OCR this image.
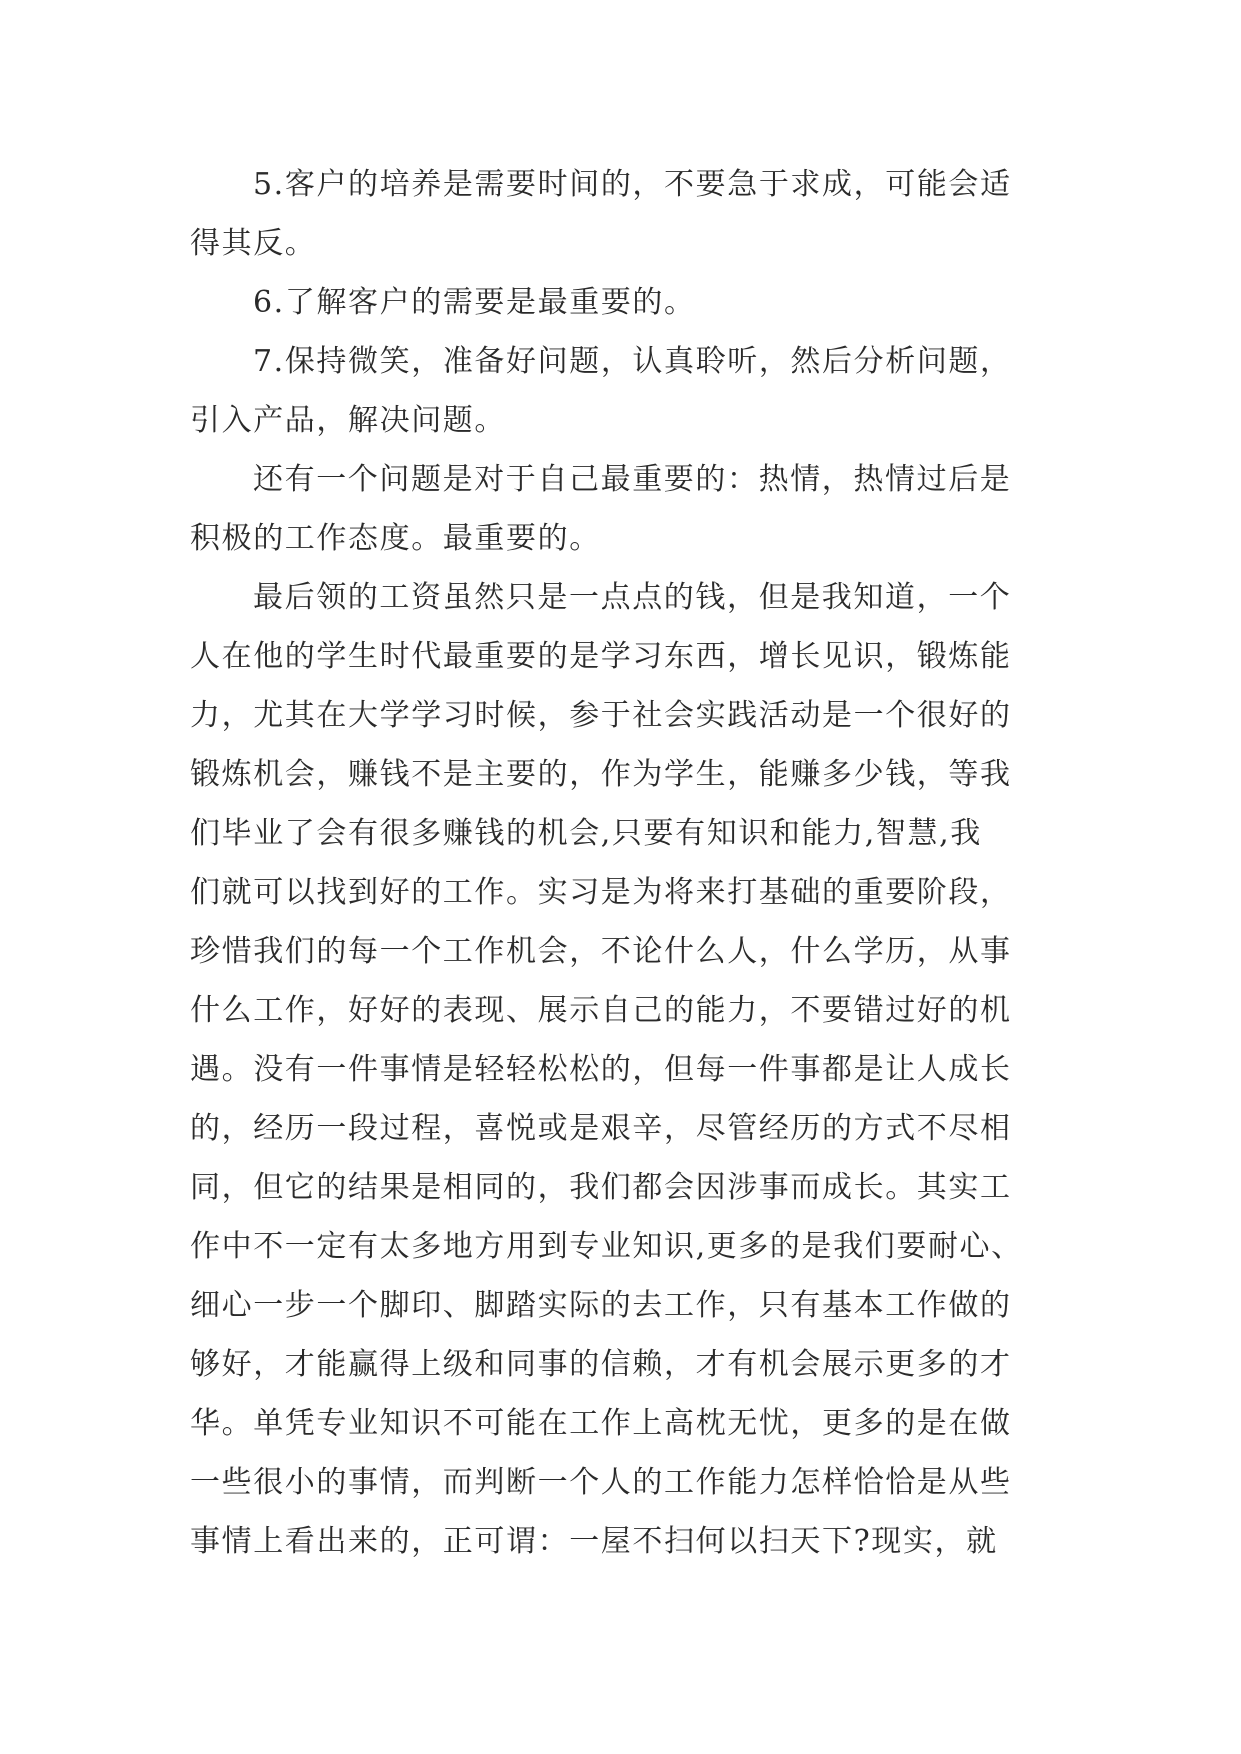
5.客户的培养是需要时间的，不要急于求成，可能会适
得其反。
6.了解客户的需要是最重要的。
7.保持微笑，准备好问题，认真聆听，然后分析问题，
引入产品，解决问题。
还有一个问题是对于自己最重要的：热情，热情过后是
积极的工作态度。最重要的。
最后领的工资虽然只是一点点的钱，但是我知道，一个
人在他的学生时代最重要的是学习东西，增长见识，锻炼能
力，尤其在大学学习时候，参于社会实践活动是一个很好的
锻炼机会，赚钱不是主要的，作为学生，能赚多少钱，等我
们毕业了会有很多赚钱的机会,只要有知识和能力,智慧,我
们就可以找到好的工作。实习是为将来打基础的重要阶段，
珍惜我们的每一个工作机会，不论什么人，什么学历，从事
什么工作，好好的表现、展示自己的能力，不要错过好的机
遇。没有一件事情是轻轻松松的，但每一件事都是让人成长
的，经历一段过程，喜悦或是艰辛，尽管经历的方式不尽相
同，但它的结果是相同的，我们都会因涉事而成长。其实工
作中不一定有太多地方用到专业知识,更多的是我们要耐心、
细心一步一个脚印、脚踏实际的去工作，只有基本工作做的
够好，才能赢得上级和同事的信赖，才有机会展示更多的才
华。单凭专业知识不可能在工作上高枕无忧，更多的是在做
一些很小的事情，而判断一个人的工作能力怎样恰恰是从些
事情上看出来的，正可谓：一屋不扫何以扫天下?现实，就
